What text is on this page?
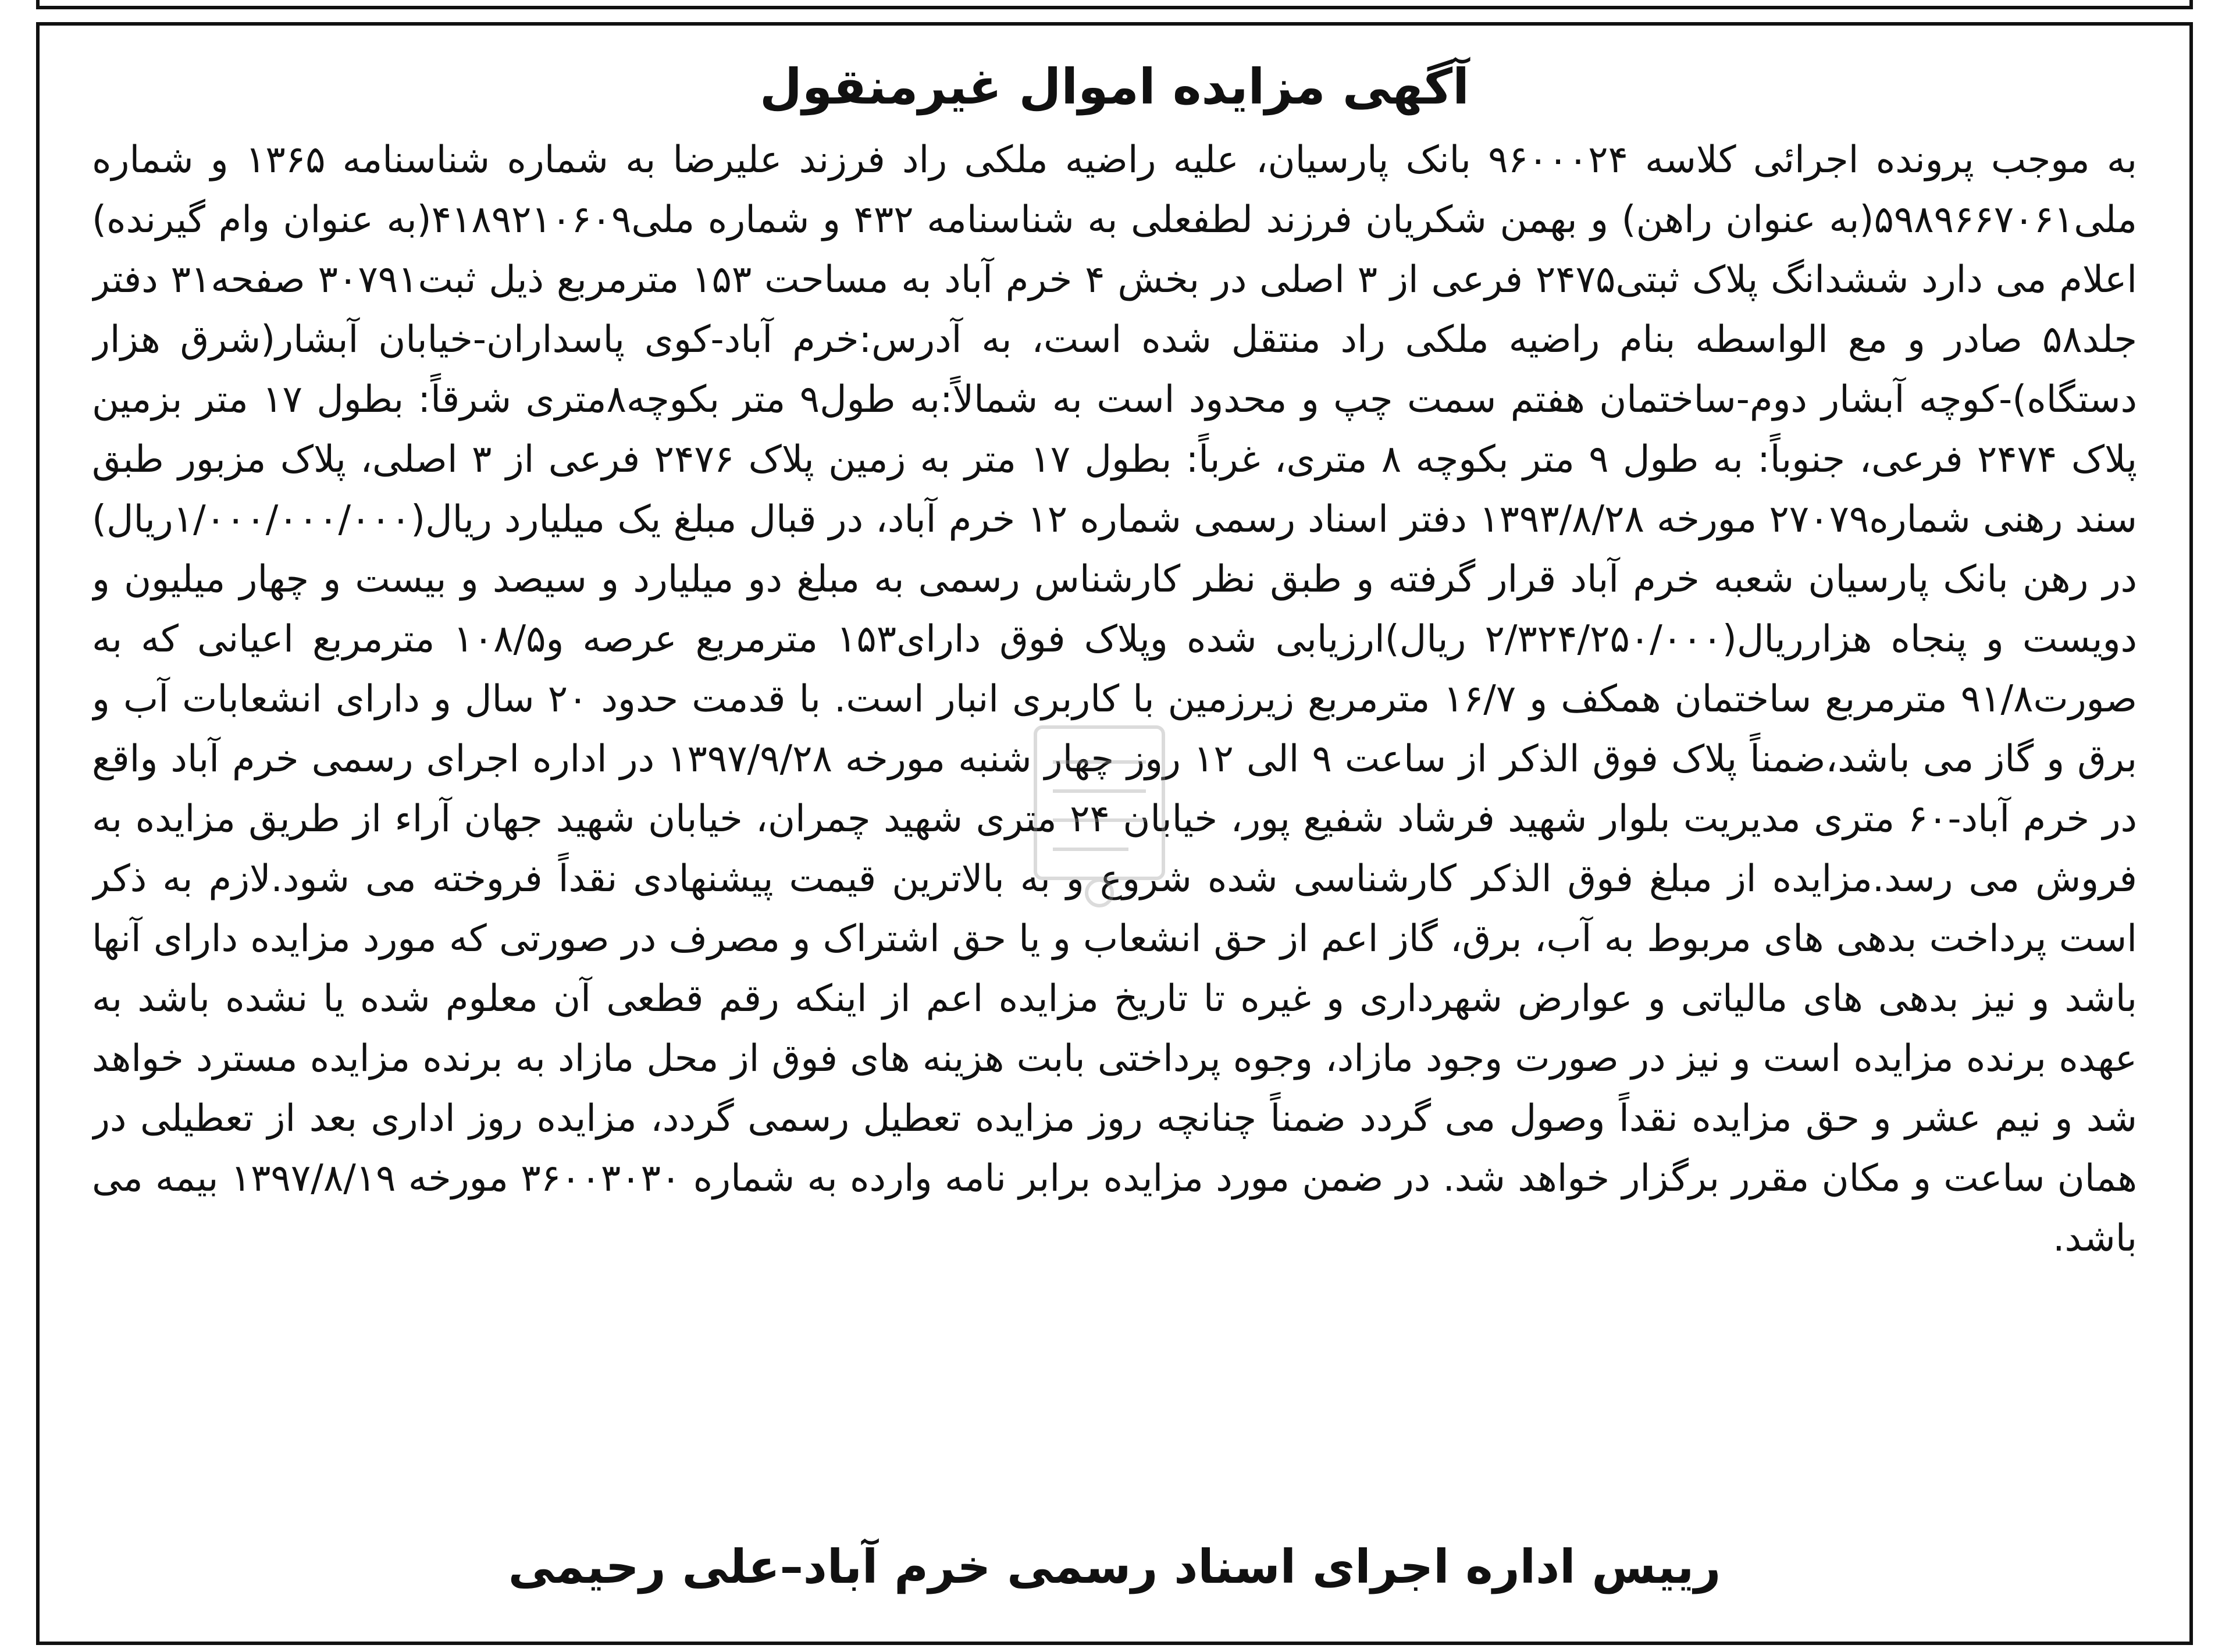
آگهی مزایده اموال غیرمنقول

به موجب پرونده اجرائی کلاسه ۹۶۰۰۰۲۴ بانک پارسیان، علیه راضیه ملکی راد فرزند علیرضا به شماره شناسنامه ۱۳۶۵ و شماره ملی۵۹۸۹۶۶۷۰۶۱(به عنوان راهن) و بهمن شکریان فرزند لطفعلی به شناسنامه ۴۳۲ و شماره ملی۴۱۸۹۲۱۰۶۰۹(به عنوان وام گیرنده) اعلام می دارد ششدانگ پلاک ثبتی۲۴۷۵ فرعی از ۳ اصلی در بخش ۴ خرم آباد به مساحت ۱۵۳ مترمربع ذیل ثبت۳۰۷۹۱ صفحه۳۱ دفتر جلد۵۸ صادر و مع الواسطه بنام راضیه ملکی راد منتقل شده است، به آدرس:خرم آباد-کوی پاسداران-خیابان آبشار(شرق هزار دستگاه)-کوچه آبشار دوم-ساختمان هفتم سمت چپ و محدود است به شمالاً:به طول۹ متر بکوچه۸متری شرقاً: بطول ۱۷ متر بزمین پلاک ۲۴۷۴ فرعی، جنوباً: به طول ۹ متر بکوچه ۸ متری، غرباً: بطول ۱۷ متر به زمین پلاک ۲۴۷۶ فرعی از ۳ اصلی، پلاک مزبور طبق سند رهنی شماره۲۷۰۷۹ مورخه ۱۳۹۳/۸/۲۸ دفتر اسناد رسمی شماره ۱۲ خرم آباد، در قبال مبلغ یک میلیارد ریال(۱/۰۰۰/۰۰۰/۰۰۰ریال) در رهن بانک پارسیان شعبه خرم آباد قرار گرفته و طبق نظر کارشناس رسمی به مبلغ دو میلیارد و سیصد و بیست و چهار میلیون و دویست و پنجاه هزارریال(۲/۳۲۴/۲۵۰/۰۰۰ ریال)ارزیابی شده وپلاک فوق دارای۱۵۳ مترمربع عرصه و۱۰۸/۵ مترمربع اعیانی که به صورت۹۱/۸ مترمربع ساختمان همکف و ۱۶/۷ مترمربع زیرزمین با کاربری انبار است. با قدمت حدود ۲۰ سال و دارای انشعابات آب و برق و گاز می باشد،ضمناً پلاک فوق الذکر از ساعت ۹ الی ۱۲ روز چهار شنبه مورخه ۱۳۹۷/۹/۲۸ در اداره اجرای رسمی خرم آباد واقع در خرم آباد-۶۰ متری مدیریت بلوار شهید فرشاد شفیع پور، خیابان ۲۴ متری شهید چمران، خیابان شهید جهان آراء از طریق مزایده به فروش می رسد.مزایده از مبلغ فوق الذکر کارشناسی شده شروع و به بالاترین قیمت پیشنهادی نقداً فروخته می شود.لازم به ذکر است پرداخت بدهی های مربوط به آب، برق، گاز اعم از حق انشعاب و یا حق اشتراک و مصرف در صورتی که مورد مزایده دارای آنها باشد و نیز بدهی های مالیاتی و عوارض شهرداری و غیره تا تاریخ مزایده اعم از اینکه رقم قطعی آن معلوم شده یا نشده باشد به عهده برنده مزایده است و نیز در صورت وجود مازاد، وجوه پرداختی بابت هزینه های فوق از محل مازاد به برنده مزایده مسترد خواهد شد و نیم عشر و حق مزایده نقداً وصول می گردد ضمناً چنانچه روز مزایده تعطیل رسمی گردد، مزایده روز اداری بعد از تعطیلی در همان ساعت و مکان مقرر برگزار خواهد شد. در ضمن مورد مزایده برابر نامه وارده به شماره ۳۶۰۰۳۰۳۰ مورخه ۱۳۹۷/۸/۱۹ بیمه می باشد.

رییس اداره اجرای اسناد رسمی خرم آباد–علی رحیمی
